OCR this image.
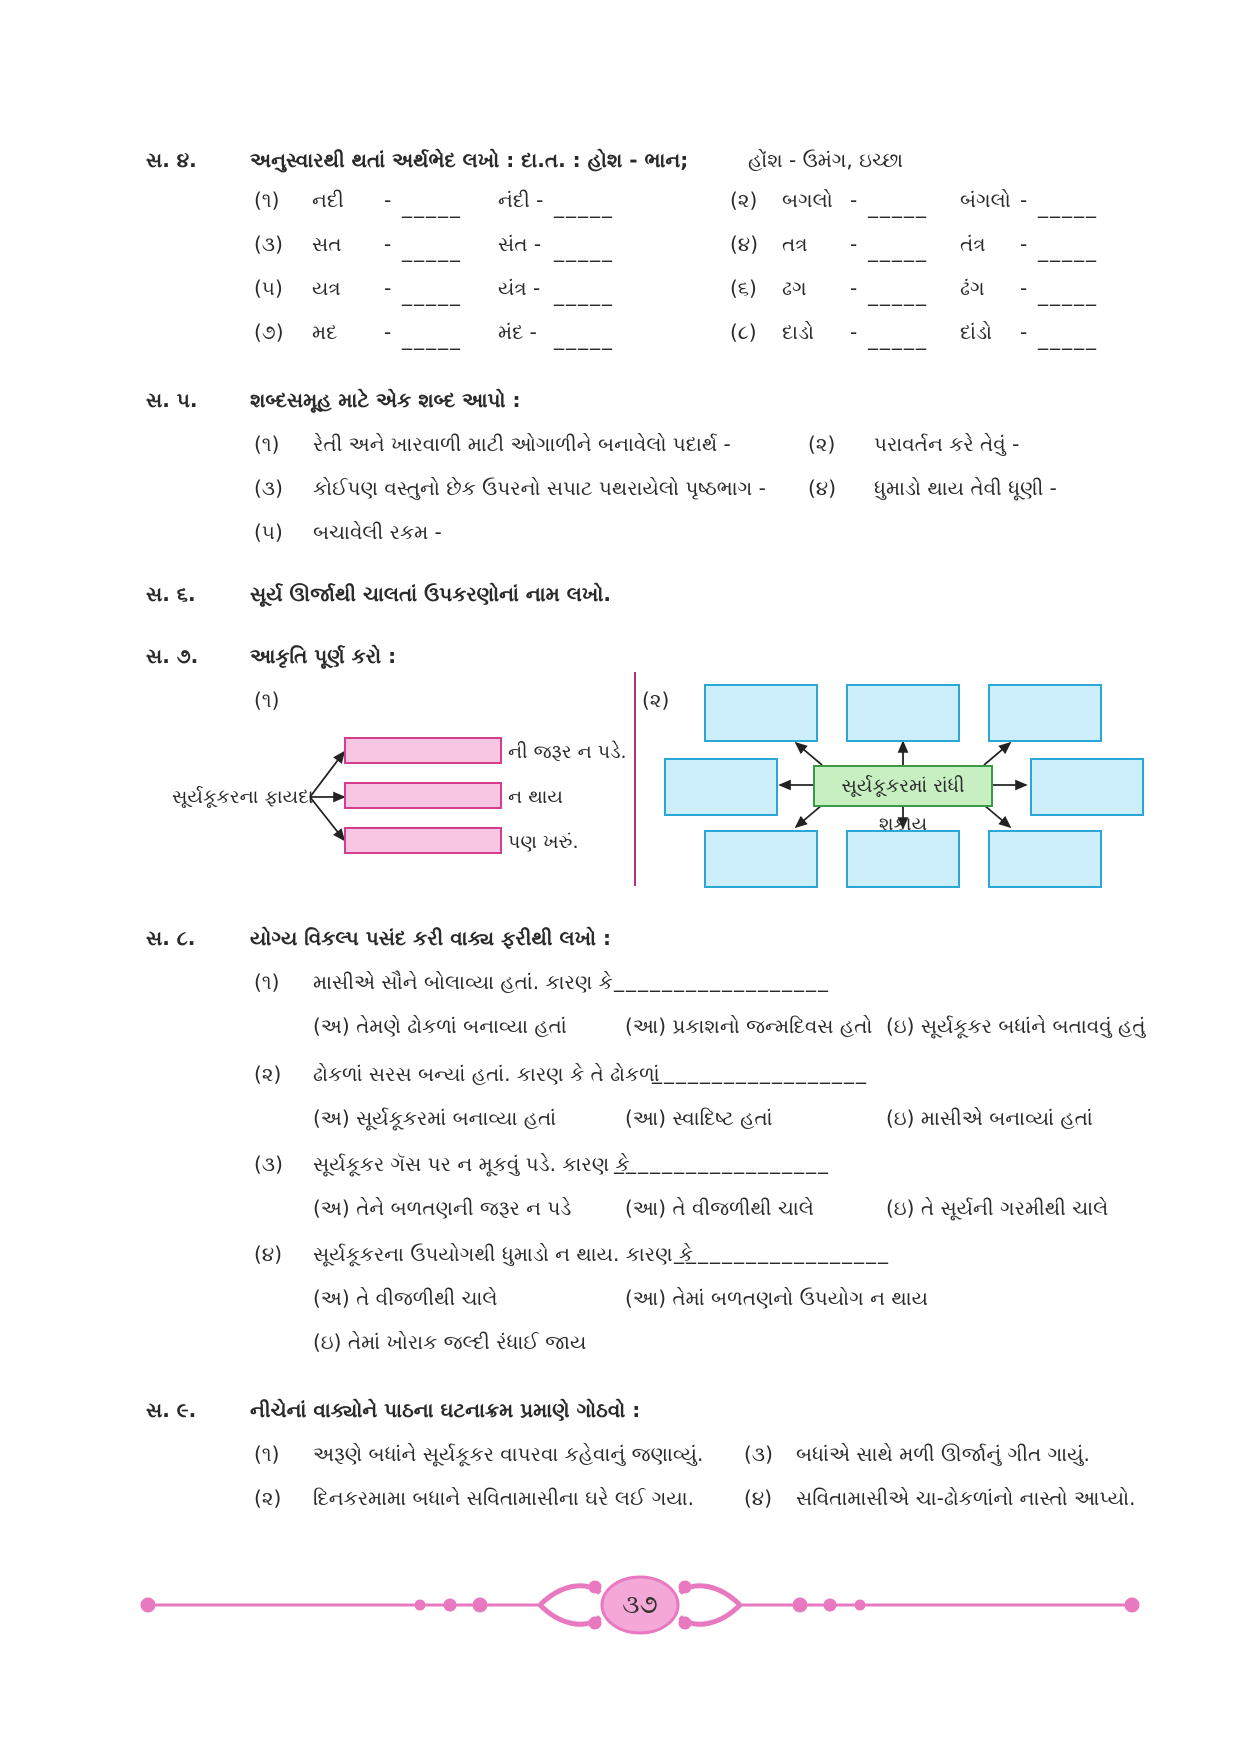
સ. ૪.	અનુસ્વારથી થતાં અર્થભેદ લખો : દા.ત. : હોશ - ભાન;	હોંશ - ઉમંગ, ઇચ્છા
(૧) નદી - _____ નંદી - _____	(૨) બગલો - _____ બંગલો - _____
(૩) સત - _____ સંત - _____	(૪) તત્ર - _____ તંત્ર - _____
(૫) યત્ર - _____ યંત્ર - _____	(૬) ઢગ - _____ ઢંગ - _____
(૭) મદ - _____ મંદ - _____	(૮) દાડો - _____ દાંડો - _____
સ. ૫.	શબ્દસમૂહ માટે એક શબ્દ આપો :
(૧) રેતી અને ખારવાળી માટી ઓગાળીને બનાવેલો પદાર્થ -	(૨) પરાવર્તન કરે તેવું -
(૩) કોઈપણ વસ્તુનો છેક ઉપરનો સપાટ પથરાયેલો પૃષ્ઠભાગ - (૪) ધુમાડો થાય તેવી ધૂણી -
(૫) બચાવેલી રકમ -
સ. ૬.	સૂર્ય ઊર્જાથી ચાલતાં ઉપકરણોનાં નામ લખો.
સ. ૭.	આકૃતિ પૂર્ણ કરો :
(૧)
સૂર્યકૂકરના ફાયદા
ની જરૂર ન પડે.
ન થાય
પણ ખરું.
(૨)
સૂર્યકૂકરમાં રાંધી શકાય
સ. ૮.	યોગ્ય વિકલ્પ પસંદ કરી વાક્ય ફરીથી લખો :
(૧) માસીએ સૌને બોલાવ્યા હતાં. કારણ કે __________________
(અ) તેમણે ઢોકળાં બનાવ્યા હતાં	(આ) પ્રકાશનો જન્મદિવસ હતો (ઇ) સૂર્યકૂકર બધાંને બતાવવું હતું
(૨) ઢોકળાં સરસ બન્યાં હતાં. કારણ કે તે ઢોકળાં
__________________
(અ) સૂર્યકૂકરમાં બનાવ્યા હતાં	(આ) સ્વાદિષ્ટ હતાં	(ઇ) માસીએ બનાવ્યાં હતાં
(૩) સૂર્યકૂકર ગૅસ પર ન મૂકવું પડે. કારણ કે
__________________
(અ) તેને બળતણની જરૂર ન પડે	(આ) તે વીજળીથી ચાલે	(ઇ) તે સૂર્યની ગરમીથી ચાલે
(૪) સૂર્યકૂકરના ઉપયોગથી ધુમાડો ન થાય. કારણ કે
__________________
(અ) તે વીજળીથી ચાલે	(આ) તેમાં બળતણનો ઉપયોગ ન થાય
(ઇ) તેમાં ખોરાક જલ્દી રંધાઈ જાય
સ. ૯.	નીચેનાં વાક્યોને પાઠના ઘટનાક્રમ પ્રમાણે ગોઠવો :
(૧) અરૂણે બધાંને સૂર્યકૂકર વાપરવા કહેવાનું જણાવ્યું. (૩) બધાંએ સાથે મળી ઊર્જાનું ગીત ગાયું.
(૨) દિનકરમામા બધાને સવિતામાસીના ઘરે લઈ ગયા. (૪) સવિતામાસીએ ચા-ઢોકળાંનો નાસ્તો આપ્યો.
૩૭
